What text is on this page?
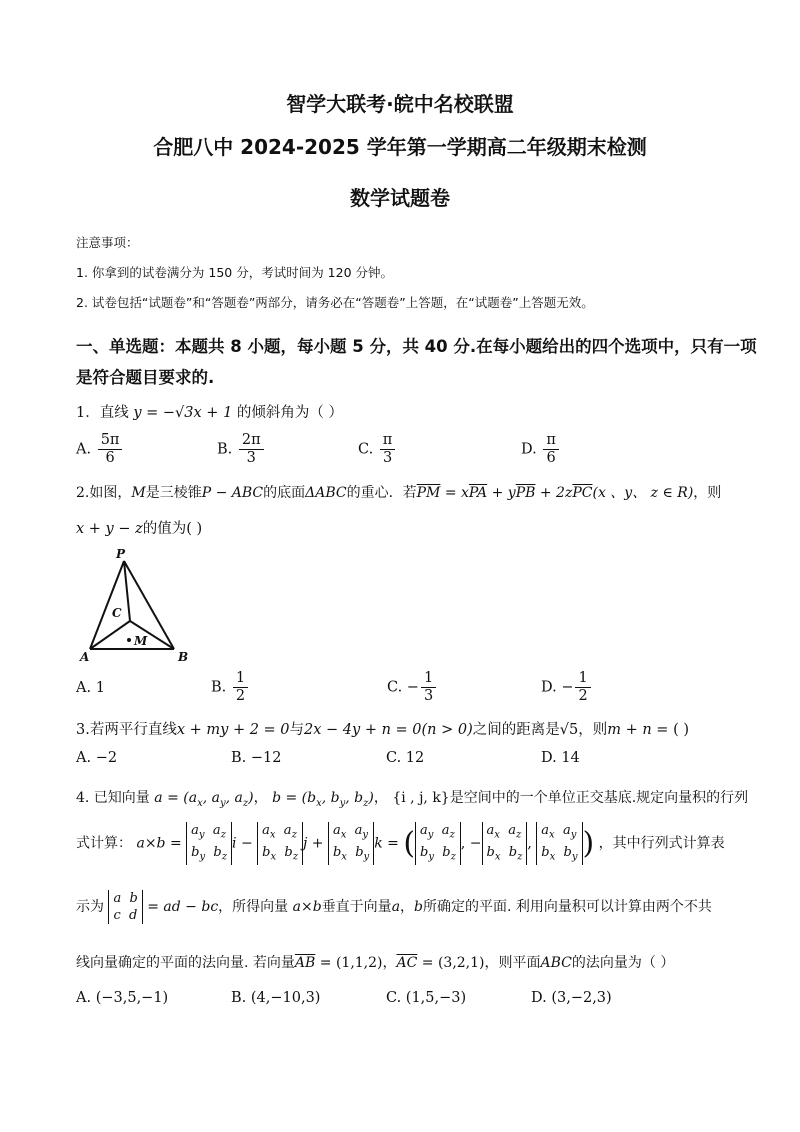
智学大联考·皖中名校联盟
合肥八中 2024-2025 学年第一学期高二年级期末检测
数学试题卷
注意事项：
1. 你拿到的试卷满分为 150 分，考试时间为 120 分钟。
2. 试卷包括“试题卷”和“答题卷”两部分，请务必在“答题卷”上答题，在“试题卷”上答题无效。
一、单选题：本题共 8 小题，每小题 5 分，共 40 分.在每小题给出的四个选项中，只有一项
是符合题目要求的.
1．直线 y = −√3x + 1 的倾斜角为（ ）
A. $\frac{5\pi}{6}$	B. $\frac{2\pi}{3}$	C. $\frac{\pi}{3}$	D. $\frac{\pi}{6}$
2.如图，M是三棱锥P − ABC的底面ΔABC的重心．若$\overline{PM} = x\overline{PA} + y\overline{PB} + 2z\overline{PC}(x$ 、y、 z ∈ R)，则
x + y − z的值为( )
P
C
M
A	B
A. 1	B. $\frac{1}{2}$	C. − $\frac{1}{3}$	D. − $\frac{1}{2}$
3.若两平行直线x + my + 2 = 0与2x − 4y + n = 0(n > 0)之间的距离是√5，则m + n = ( )
A. −2	B. −12	C. 12	D. 14
4. 已知向量 $a = (a_x$, $a_y$, $a_z$)， $b = (b_x$, $b_y$, $b_z$)， {i , j, k}是空间中的一个单位正交基底.规定向量积的行列
式计算： a×b =
$a_y$  $a_z$
$b_y$  $b_z$
i −
$a_x$  $a_z$
$b_x$  $b_z$
j +
$a_x$  $a_y$
$b_x$  $b_y$
k = ( $a_y$  $a_z$
$b_y$  $b_z$
, −
$a_x$  $a_z$
$b_x$  $b_z$
,
$a_x$  $a_y$
$b_x$  $b_y$ ) ，其中行列式计算表
示为
a  b
c  d
= ad − bc，所得向量 a×b垂直于向量a，b所确定的平面. 利用向量积可以计算由两个不共
线向量确定的平面的法向量. 若向量$\overline{AB} = (1,1,2)$，$\overline{AC} = (3,2,1)$，则平面ABC的法向量为（ ）
A. (−3,5,−1)	B. (4,−10,3)	C. (1,5,−3)	D. (3,−2,3)
